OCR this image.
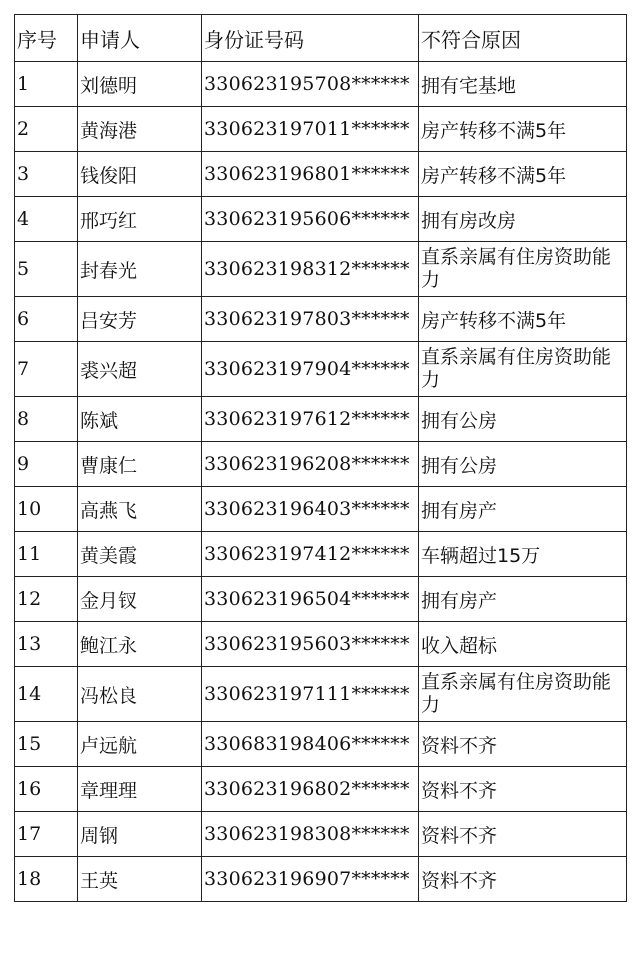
序号	申请人	身份证号码	不符合原因
1	刘德明	330623195708******	拥有宅基地
2	黄海港	330623197011******	房产转移不满5年
3	钱俊阳	330623196801******	房产转移不满5年
4	邢巧红	330623195606******	拥有房改房
5	封春光	330623198312******	直系亲属有住房资助能力
6	吕安芳	330623197803******	房产转移不满5年
7	裘兴超	330623197904******	直系亲属有住房资助能力
8	陈斌	330623197612******	拥有公房
9	曹康仁	330623196208******	拥有公房
10	高燕飞	330623196403******	拥有房产
11	黄美霞	330623197412******	车辆超过15万
12	金月钗	330623196504******	拥有房产
13	鲍江永	330623195603******	收入超标
14	冯松良	330623197111******	直系亲属有住房资助能力
15	卢远航	330683198406******	资料不齐
16	章理理	330623196802******	资料不齐
17	周钢	330623198308******	资料不齐
18	王英	330623196907******	资料不齐
